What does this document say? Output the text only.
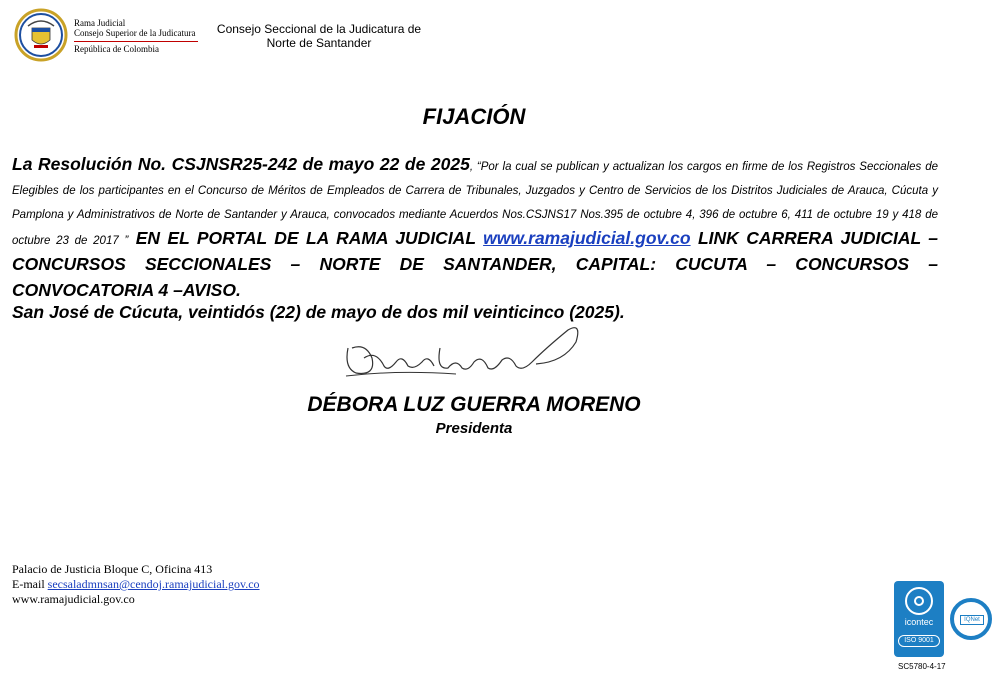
Rama Judicial
Consejo Superior de la Judicatura
República de Colombia
Consejo Seccional de la Judicatura de
Norte de Santander
FIJACIÓN

La Resolución No. CSJNSR25-242 de mayo 22 de 2025, “Por la cual se publican y actualizan los cargos en firme de los Registros Seccionales de Elegibles de los participantes en el Concurso de Méritos de Empleados de Carrera de Tribunales, Juzgados y Centro de Servicios de los Distritos Judiciales de Arauca, Cúcuta y Pamplona y Administrativos de Norte de Santander y Arauca, convocados mediante Acuerdos Nos.CSJNS17 Nos.395 de octubre 4, 396 de octubre 6, 411 de octubre 19 y 418 de octubre 23 de 2017 ” EN EL PORTAL DE LA RAMA JUDICIAL www.ramajudicial.gov.co LINK CARRERA JUDICIAL – CONCURSOS SECCIONALES – NORTE DE SANTANDER, CAPITAL: CUCUTA – CONCURSOS – CONVOCATORIA 4 –AVISO.

San José de Cúcuta, veintidós (22) de mayo de dos mil veinticinco (2025).
DÉBORA LUZ GUERRA MORENO
Presidenta
Palacio de Justicia Bloque C, Oficina 413
E-mail secsaladmnsan@cendoj.ramajudicial.gov.co
www.ramajudicial.gov.co
icontec
ISO 9001
IQNet
SC5780-4-17
